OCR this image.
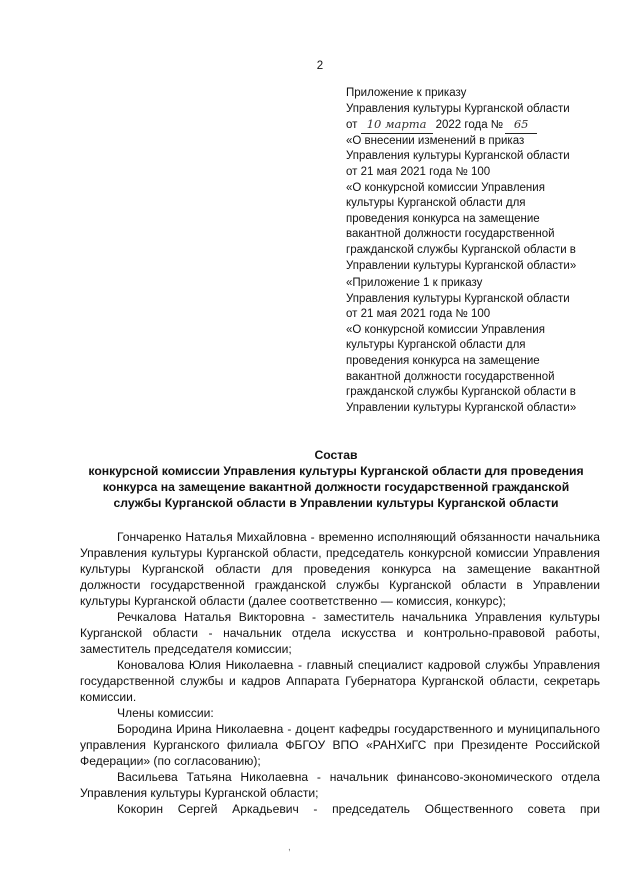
2
Приложение к приказу
Управления культуры Курганской области
от 10 марта 2022 года № 65
«О внесении изменений в приказ
Управления культуры Курганской области
от 21 мая 2021 года № 100
«О конкурсной комиссии Управления
культуры Курганской области для
проведения конкурса на замещение
вакантной должности государственной
гражданской службы Курганской области в
Управлении культуры Курганской области»
«Приложение 1 к приказу
Управления культуры Курганской области
от 21 мая 2021 года № 100
«О конкурсной комиссии Управления
культуры Курганской области для
проведения конкурса на замещение
вакантной должности государственной
гражданской службы Курганской области в
Управлении культуры Курганской области»
Состав
конкурсной комиссии Управления культуры Курганской области для проведения
конкурса на замещение вакантной должности государственной гражданской
службы Курганской области в Управлении культуры Курганской области
Гончаренко Наталья Михайловна - временно исполняющий обязанности начальника Управления культуры Курганской области, председатель конкурсной комиссии Управления культуры Курганской области для проведения конкурса на замещение вакантной должности государственной гражданской службы Курганской области в Управлении культуры Курганской области (далее соответственно — комиссия, конкурс);
Речкалова Наталья Викторовна - заместитель начальника Управления культуры Курганской области - начальник отдела искусства и контрольно-правовой работы, заместитель председателя комиссии;
Коновалова Юлия Николаевна - главный специалист кадровой службы Управления государственной службы и кадров Аппарата Губернатора Курганской области, секретарь комиссии.
Члены комиссии:
Бородина Ирина Николаевна - доцент кафедры государственного и муниципального управления Курганского филиала ФБГОУ ВПО «РАНХиГС при Президенте Российской Федерации» (по согласованию);
Васильева Татьяна Николаевна - начальник финансово-экономического отдела Управления культуры Курганской области;
Кокорин Сергей Аркадьевич - председатель Общественного совета при
,
